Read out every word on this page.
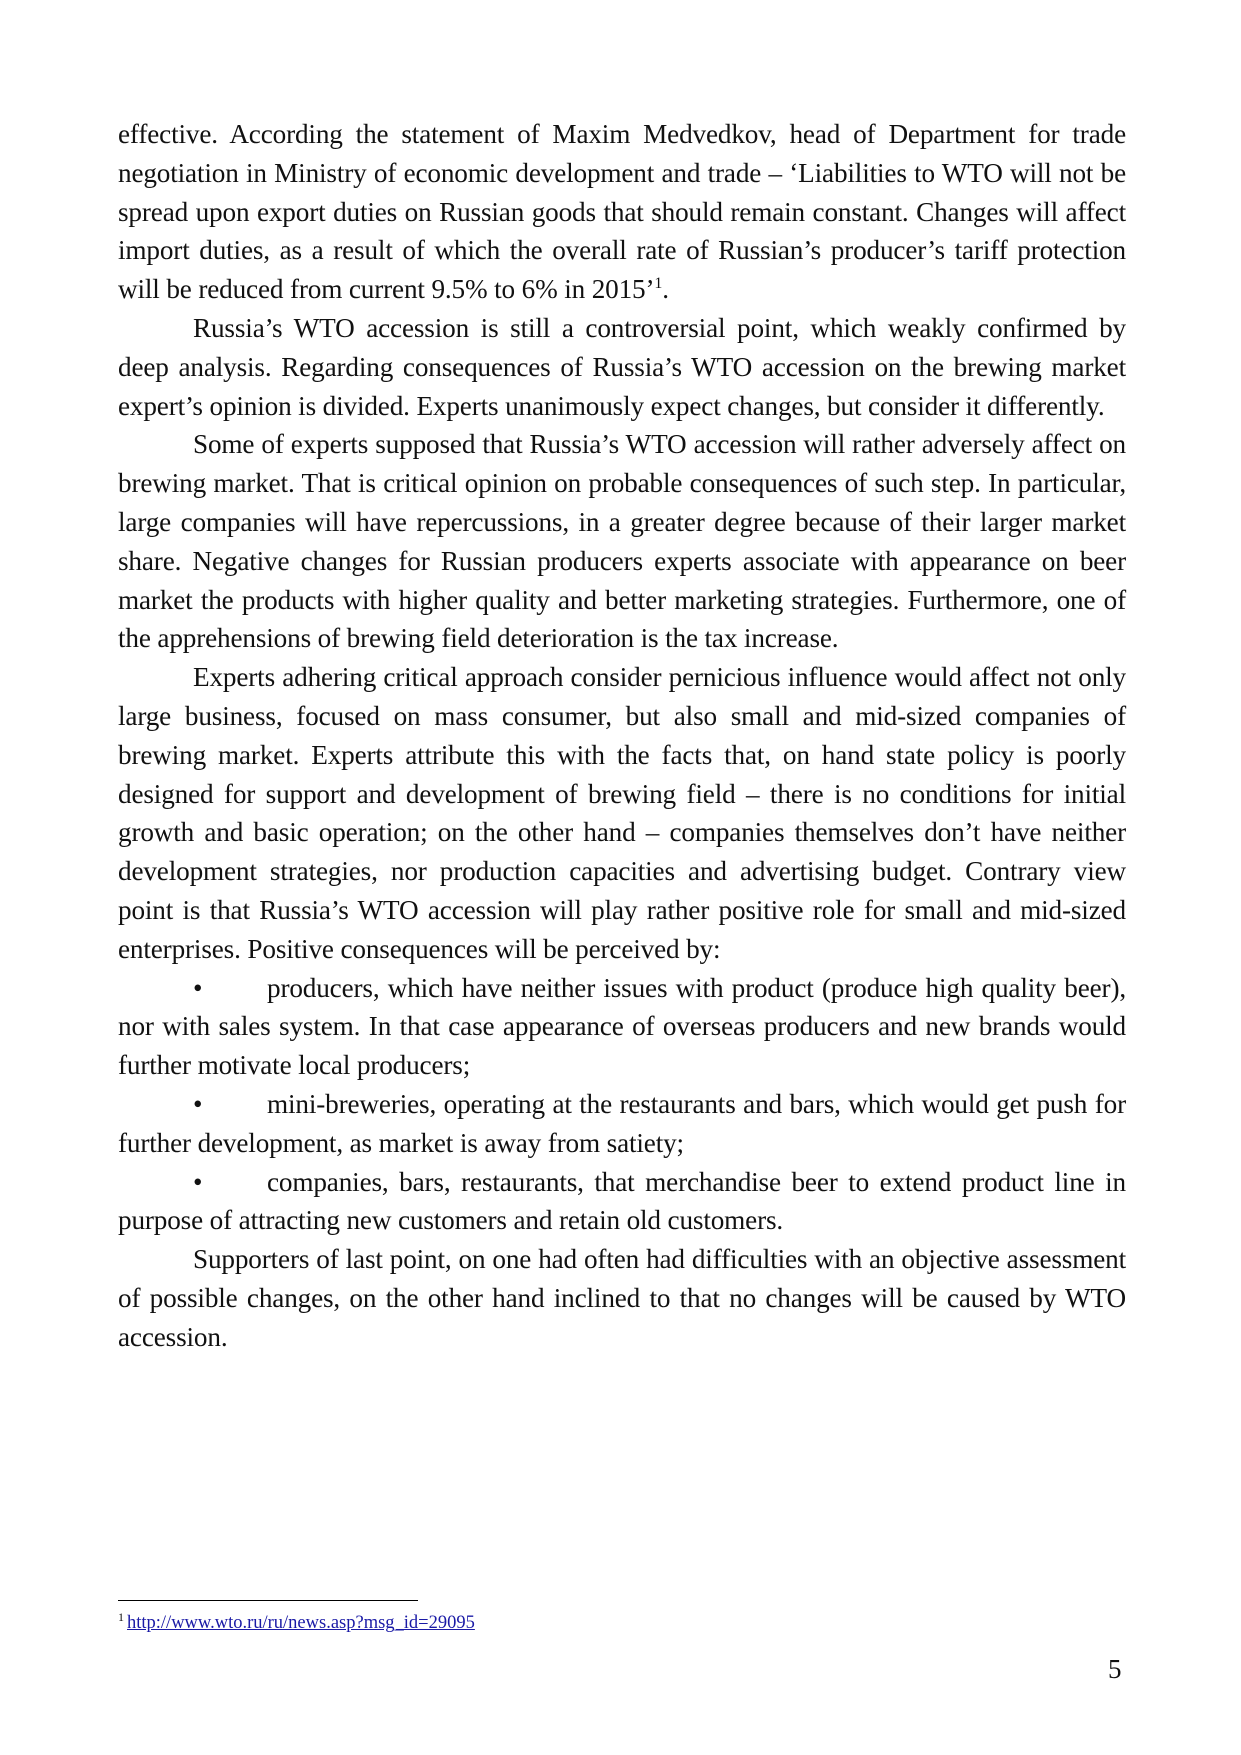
effective. According the statement of Maxim Medvedkov, head of Department for trade negotiation in Ministry of economic development and trade – ‘Liabilities to WTO will not be spread upon export duties on Russian goods that should remain constant. Changes will affect import duties, as a result of which the overall rate of Russian’s producer’s tariff protection will be reduced from current 9.5% to 6% in 2015’$^1$.

Russia’s WTO accession is still a controversial point, which weakly confirmed by deep analysis. Regarding consequences of Russia’s WTO accession on the brewing market expert’s opinion is divided. Experts unanimously expect changes, but consider it differently.

Some of experts supposed that Russia’s WTO accession will rather adversely affect on brewing market. That is critical opinion on probable consequences of such step. In particular, large companies will have repercussions, in a greater degree because of their larger market share. Negative changes for Russian producers experts associate with appearance on beer market the products with higher quality and better marketing strategies. Furthermore, one of the apprehensions of brewing field deterioration is the tax increase.

Experts adhering critical approach consider pernicious influence would affect not only large business, focused on mass consumer, but also small and mid-sized companies of brewing market. Experts attribute this with the facts that, on hand state policy is poorly designed for support and development of brewing field – there is no conditions for initial growth and basic operation; on the other hand – companies themselves don’t have neither development strategies, nor production capacities and advertising budget. Contrary view point is that Russia’s WTO accession will play rather positive role for small and mid-sized enterprises. Positive consequences will be perceived by:

• producers, which have neither issues with product (produce high quality beer), nor with sales system. In that case appearance of overseas producers and new brands would further motivate local producers;

• mini-breweries, operating at the restaurants and bars, which would get push for further development, as market is away from satiety;

• companies, bars, restaurants, that merchandise beer to extend product line in purpose of attracting new customers and retain old customers.

Supporters of last point, on one had often had difficulties with an objective assessment of possible changes, on the other hand inclined to that no changes will be caused by WTO accession.

$^1$ http://www.wto.ru/ru/news.asp?msg_id=29095
5
